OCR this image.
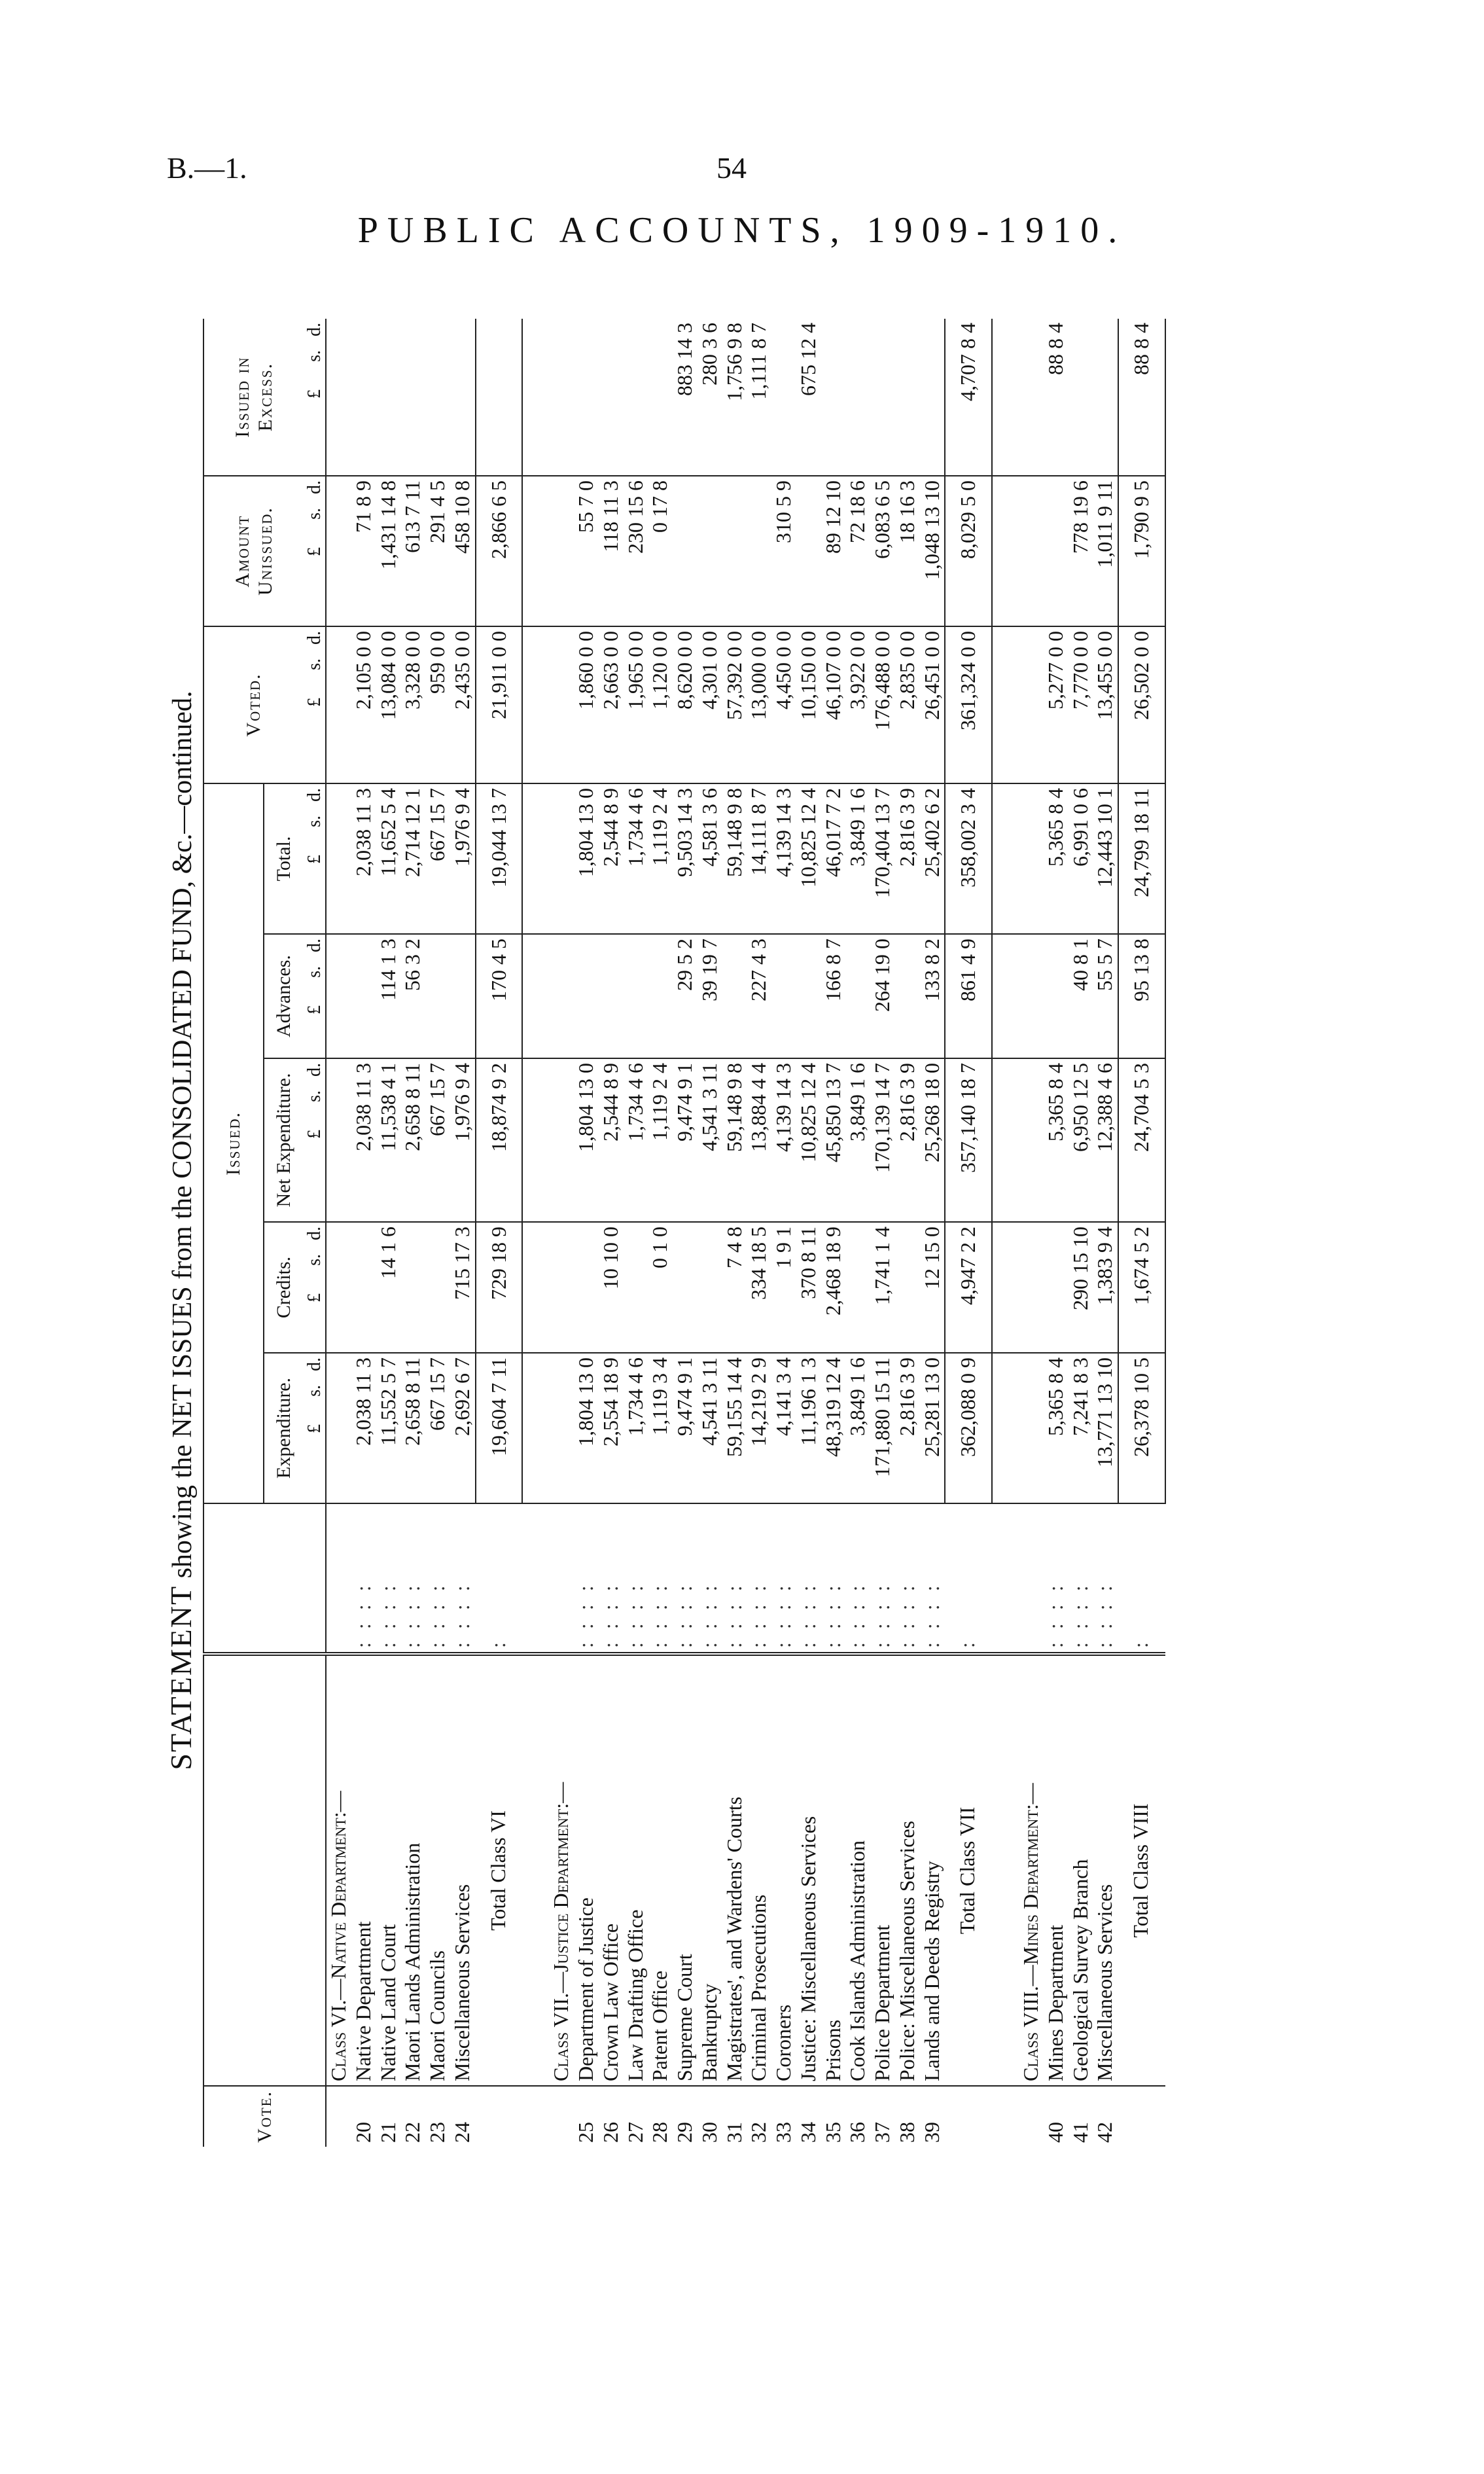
B.—1.	54
PUBLIC ACCOUNTS, 1909-1910.
STATEMENT showing the NET ISSUES from the CONSOLIDATED FUND, &c.—continued.
Vote.			Issued.					Voted.	Amount Unissued.	Issued in Excess.
			Expenditure.	Credits.	Net Expenditure.	Advances.	Total.			
			£      s.   d.	£      s.   d.	£      s.   d.	£      s.   d.	£      s.   d.	£      s.   d.	£      s.   d.	£      s.   d.
	Class VI.—Native Department:—									
20	Native Department	: : : :	2,038 11 3		2,038 11 3		2,038 11 3	2,105 0 0	71 8 9	
21	Native Land Court	: : : :	11,552 5 7	14 1 6	11,538 4 1	114 1 3	11,652 5 4	13,084 0 0	1,431 14 8	
22	Maori Lands Administration	: : : :	2,658 8 11		2,658 8 11	56 3 2	2,714 12 1	3,328 0 0	613 7 11	
23	Maori Councils	: : : :	667 15 7		667 15 7		667 15 7	959 0 0	291 4 5	
24	Miscellaneous Services	: : : :	2,692 6 7	715 17 3	1,976 9 4		1,976 9 4	2,435 0 0	458 10 8	
	Total Class VI	:	19,604 7 11	729 18 9	18,874 9 2	170 4 5	19,044 13 7	21,911 0 0	2,866 6 5	

	Class VII.—Justice Department:—									
25	Department of Justice	: : : :	1,804 13 0		1,804 13 0		1,804 13 0	1,860 0 0	55 7 0	
26	Crown Law Office	: : : :	2,554 18 9	10 10 0	2,544 8 9		2,544 8 9	2,663 0 0	118 11 3	
27	Law Drafting Office	: : : :	1,734 4 6		1,734 4 6		1,734 4 6	1,965 0 0	230 15 6	
28	Patent Office	: : : :	1,119 3 4	0 1 0	1,119 2 4		1,119 2 4	1,120 0 0	0 17 8	
29	Supreme Court	: : : :	9,474 9 1		9,474 9 1	29 5 2	9,503 14 3	8,620 0 0		883 14 3
30	Bankruptcy	: : : :	4,541 3 11		4,541 3 11	39 19 7	4,581 3 6	4,301 0 0		280 3 6
31	Magistrates', and Wardens' Courts	: : : :	59,155 14 4	7 4 8	59,148 9 8		59,148 9 8	57,392 0 0		1,756 9 8
32	Criminal Prosecutions	: : : :	14,219 2 9	334 18 5	13,884 4 4	227 4 3	14,111 8 7	13,000 0 0		1,111 8 7
33	Coroners	: : : :	4,141 3 4	1 9 1	4,139 14 3		4,139 14 3	4,450 0 0	310 5 9	
34	Justice: Miscellaneous Services	: : : :	11,196 1 3	370 8 11	10,825 12 4		10,825 12 4	10,150 0 0		675 12 4
35	Prisons	: : : :	48,319 12 4	2,468 18 9	45,850 13 7	166 8 7	46,017 7 2	46,107 0 0	89 12 10	
36	Cook Islands Administration	: : : :	3,849 1 6		3,849 1 6		3,849 1 6	3,922 0 0	72 18 6	
37	Police Department	: : : :	171,880 15 11	1,741 1 4	170,139 14 7	264 19 0	170,404 13 7	176,488 0 0	6,083 6 5	
38	Police: Miscellaneous Services	: : : :	2,816 3 9		2,816 3 9		2,816 3 9	2,835 0 0	18 16 3	
39	Lands and Deeds Registry	: : : :	25,281 13 0	12 15 0	25,268 18 0	133 8 2	25,402 6 2	26,451 0 0	1,048 13 10	
	Total Class VII	:	362,088 0 9	4,947 2 2	357,140 18 7	861 4 9	358,002 3 4	361,324 0 0	8,029 5 0	4,707 8 4

	Class VIII.—Mines Department:—									
40	Mines Department	: : : :	5,365 8 4		5,365 8 4		5,365 8 4	5,277 0 0		88 8 4
41	Geological Survey Branch	: : : :	7,241 8 3	290 15 10	6,950 12 5	40 8 1	6,991 0 6	7,770 0 0	778 19 6	
42	Miscellaneous Services	: : : :	13,771 13 10	1,383 9 4	12,388 4 6	55 5 7	12,443 10 1	13,455 0 0	1,011 9 11	
	Total Class VIII	:	26,378 10 5	1,674 5 2	24,704 5 3	95 13 8	24,799 18 11	26,502 0 0	1,790 9 5	88 8 4
